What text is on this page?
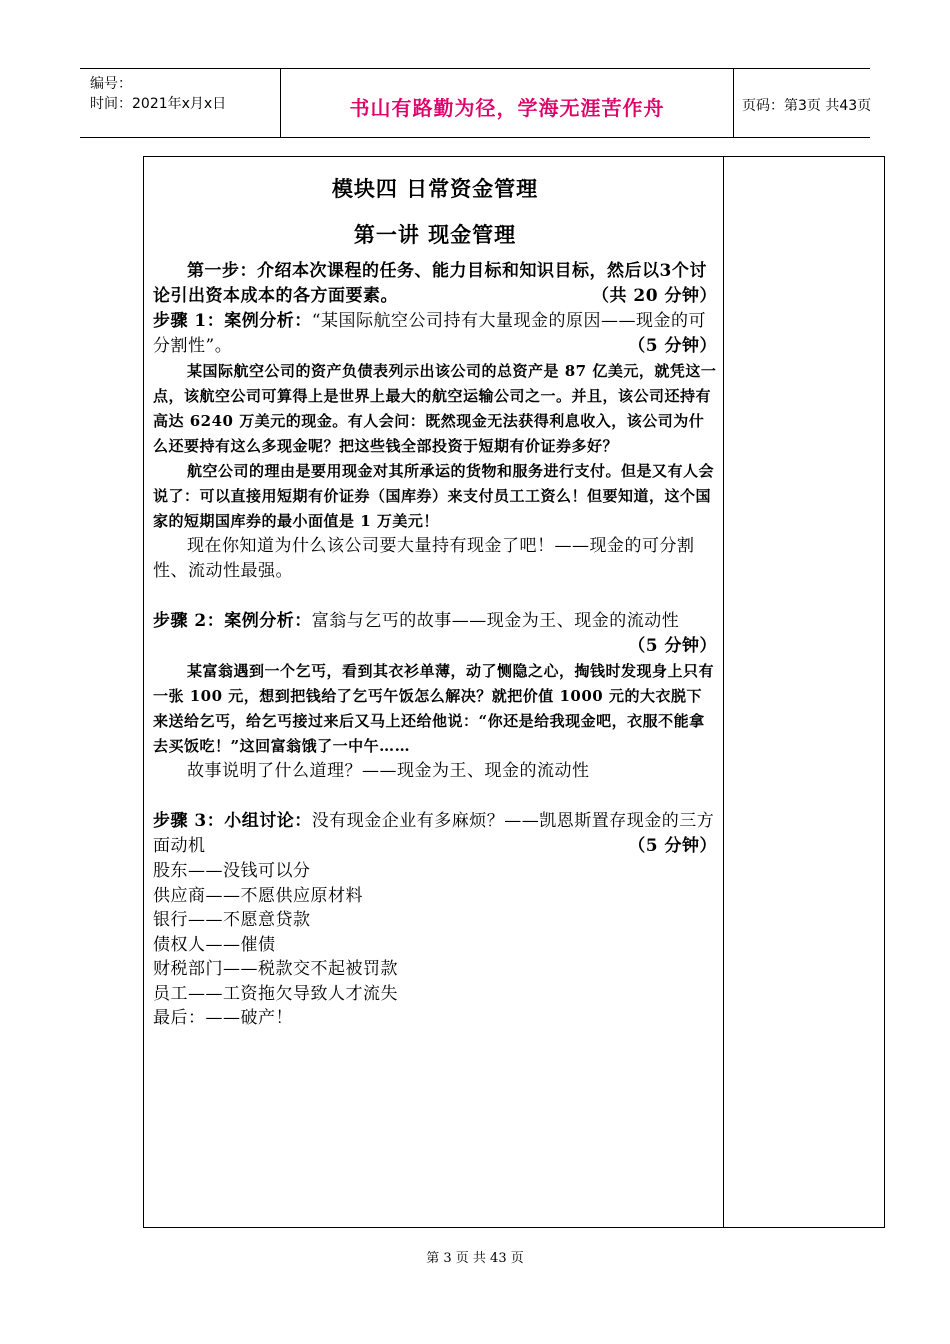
编号：
时间：2021年x月x日	书山有路勤为径，学海无涯苦作舟	页码：第3页 共43页
模块四 日常资金管理
第一讲 现金管理

第一步：介绍本次课程的任务、能力目标和知识目标，然后以3个讨论引出资本成本的各方面要素。	（共 20 分钟）

步骤 1：案例分析：“某国际航空公司持有大量现金的原因——现金的可分割性”。	（5 分钟）

某国际航空公司的资产负债表列示出该公司的总资产是 87 亿美元，就凭这一点，该航空公司可算得上是世界上最大的航空运输公司之一。并且，该公司还持有高达 6240 万美元的现金。有人会问：既然现金无法获得利息收入，该公司为什么还要持有这么多现金呢？把这些钱全部投资于短期有价证券多好？

航空公司的理由是要用现金对其所承运的货物和服务进行支付。但是又有人会说了：可以直接用短期有价证券（国库券）来支付员工工资么！但要知道，这个国家的短期国库券的最小面值是 1 万美元！

现在你知道为什么该公司要大量持有现金了吧！——现金的可分割性、流动性最强。

步骤 2：案例分析：富翁与乞丐的故事——现金为王、现金的流动性
（5 分钟）

某富翁遇到一个乞丐，看到其衣衫单薄，动了恻隐之心，掏钱时发现身上只有一张 100 元，想到把钱给了乞丐午饭怎么解决？就把价值 1000 元的大衣脱下来送给乞丐，给乞丐接过来后又马上还给他说：“你还是给我现金吧，衣服不能拿去买饭吃！”这回富翁饿了一中午……

故事说明了什么道理？——现金为王、现金的流动性

步骤 3：小组讨论：没有现金企业有多麻烦？——凯恩斯置存现金的三方面动机	（5 分钟）

股东——没钱可以分

供应商——不愿供应原材料

银行——不愿意贷款

债权人——催债

财税部门——税款交不起被罚款

员工——工资拖欠导致人才流失

最后：——破产！

第 3 页 共 43 页
